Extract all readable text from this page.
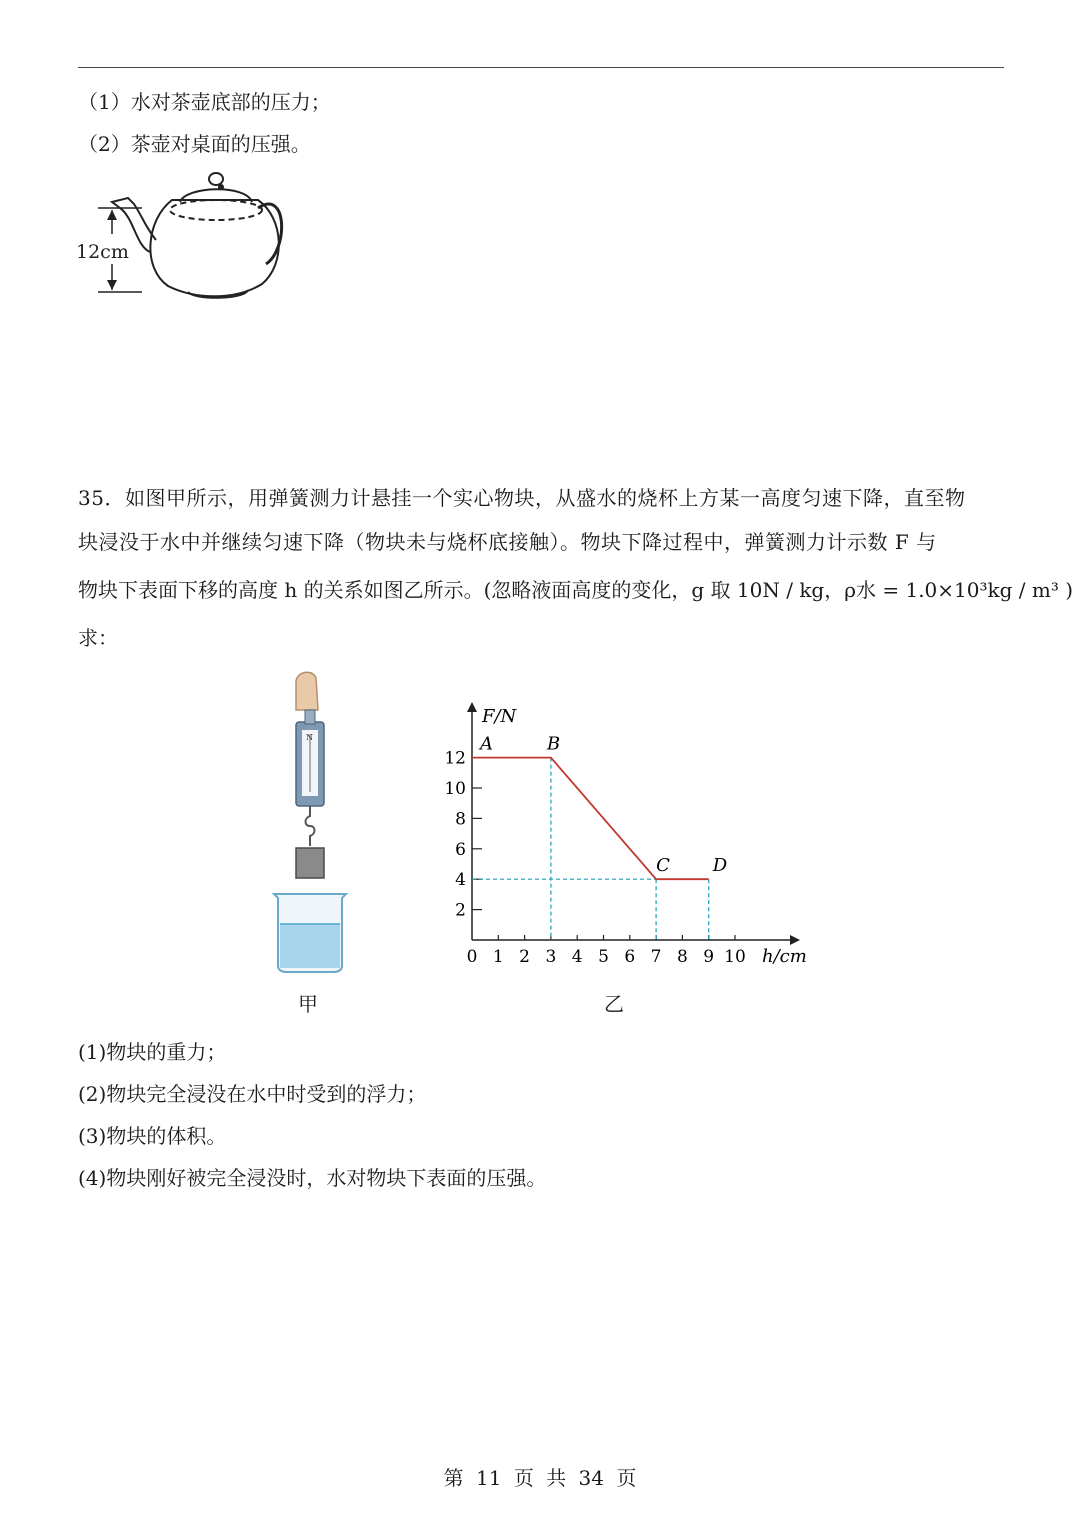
（1）水对茶壶底部的压力；
（2）茶壶对桌面的压强。
12cm
35．如图甲所示，用弹簧测力计悬挂一个实心物块，从盛水的烧杯上方某一高度匀速下降，直至物
块浸没于水中并继续匀速下降（物块未与烧杯底接触）。物块下降过程中，弹簧测力计示数 F 与
物块下表面下移的高度 h 的关系如图乙所示。(忽略液面高度的变化，g 取 10N / kg，ρ水 = 1.0×10³kg / m³ )
求：
N
甲
F/N
h/cm
0 1 2 3 4 5 6 7 8 9 10
2
4
6
8
10
12
A	B
C D
乙
(1)物块的重力；
(2)物块完全浸没在水中时受到的浮力；
(3)物块的体积。
(4)物块刚好被完全浸没时，水对物块下表面的压强。
第 11 页 共 34 页
